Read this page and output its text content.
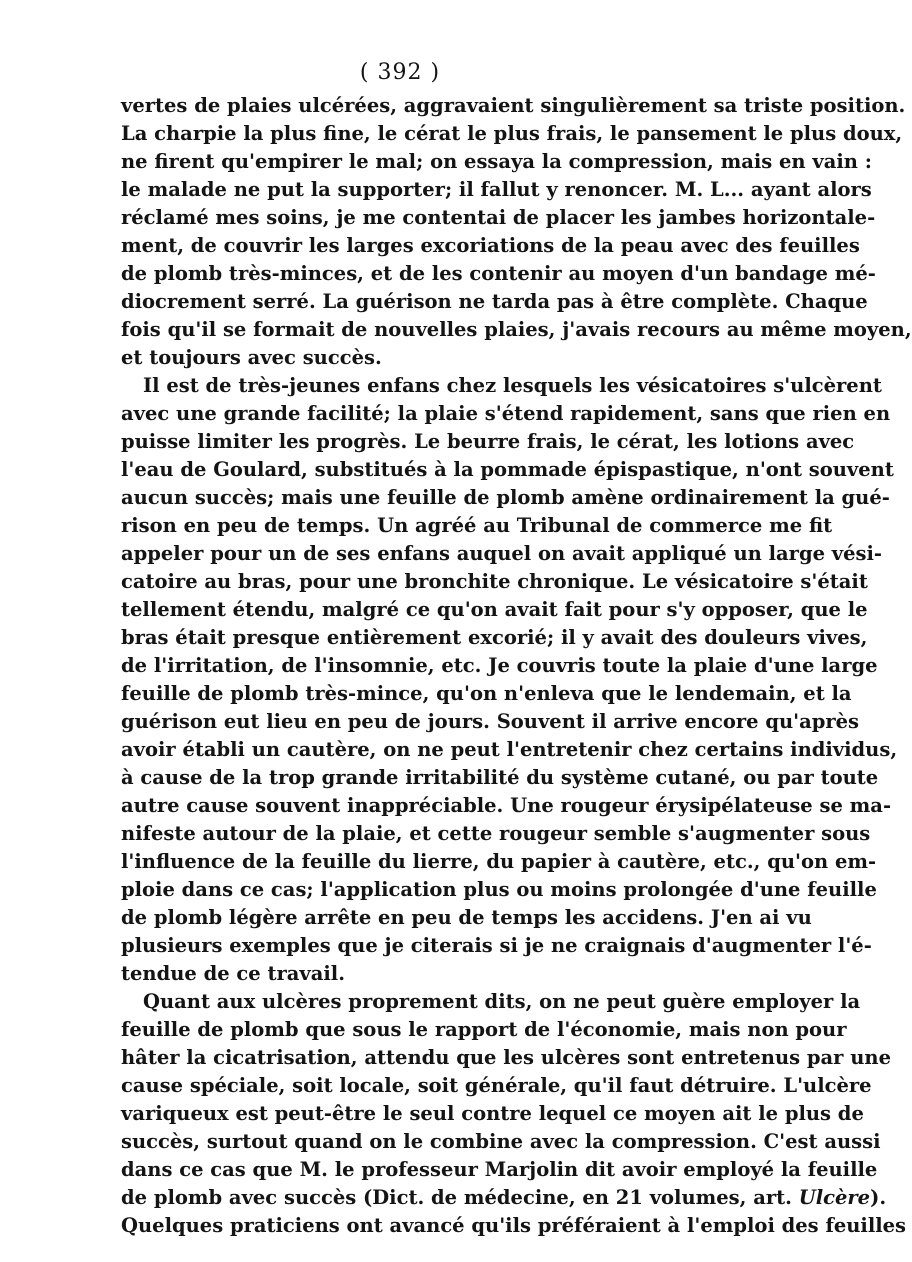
( 392 )
vertes de plaies ulcérées, aggravaient singulièrement sa triste position.
La charpie la plus fine, le cérat le plus frais, le pansement le plus doux,
ne firent qu'empirer le mal; on essaya la compression, mais en vain :
le malade ne put la supporter; il fallut y renoncer. M. L... ayant alors
réclamé mes soins, je me contentai de placer les jambes horizontale-
ment, de couvrir les larges excoriations de la peau avec des feuilles
de plomb très-minces, et de les contenir au moyen d'un bandage mé-
diocrement serré. La guérison ne tarda pas à être complète. Chaque
fois qu'il se formait de nouvelles plaies, j'avais recours au même moyen,
et toujours avec succès.
Il est de très-jeunes enfans chez lesquels les vésicatoires s'ulcèrent
avec une grande facilité; la plaie s'étend rapidement, sans que rien en
puisse limiter les progrès. Le beurre frais, le cérat, les lotions avec
l'eau de Goulard, substitués à la pommade épispastique, n'ont souvent
aucun succès; mais une feuille de plomb amène ordinairement la gué-
rison en peu de temps. Un agréé au Tribunal de commerce me fit
appeler pour un de ses enfans auquel on avait appliqué un large vési-
catoire au bras, pour une bronchite chronique. Le vésicatoire s'était
tellement étendu, malgré ce qu'on avait fait pour s'y opposer, que le
bras était presque entièrement excorié; il y avait des douleurs vives,
de l'irritation, de l'insomnie, etc. Je couvris toute la plaie d'une large
feuille de plomb très-mince, qu'on n'enleva que le lendemain, et la
guérison eut lieu en peu de jours. Souvent il arrive encore qu'après
avoir établi un cautère, on ne peut l'entretenir chez certains individus,
à cause de la trop grande irritabilité du système cutané, ou par toute
autre cause souvent inappréciable. Une rougeur érysipélateuse se ma-
nifeste autour de la plaie, et cette rougeur semble s'augmenter sous
l'influence de la feuille du lierre, du papier à cautère, etc., qu'on em-
ploie dans ce cas; l'application plus ou moins prolongée d'une feuille
de plomb légère arrête en peu de temps les accidens. J'en ai vu
plusieurs exemples que je citerais si je ne craignais d'augmenter l'é-
tendue de ce travail.
Quant aux ulcères proprement dits, on ne peut guère employer la
feuille de plomb que sous le rapport de l'économie, mais non pour
hâter la cicatrisation, attendu que les ulcères sont entretenus par une
cause spéciale, soit locale, soit générale, qu'il faut détruire. L'ulcère
variqueux est peut-être le seul contre lequel ce moyen ait le plus de
succès, surtout quand on le combine avec la compression. C'est aussi
dans ce cas que M. le professeur Marjolin dit avoir employé la feuille
de plomb avec succès (Dict. de médecine, en 21 volumes, art. Ulcère).
Quelques praticiens ont avancé qu'ils préféraient à l'emploi des feuilles
